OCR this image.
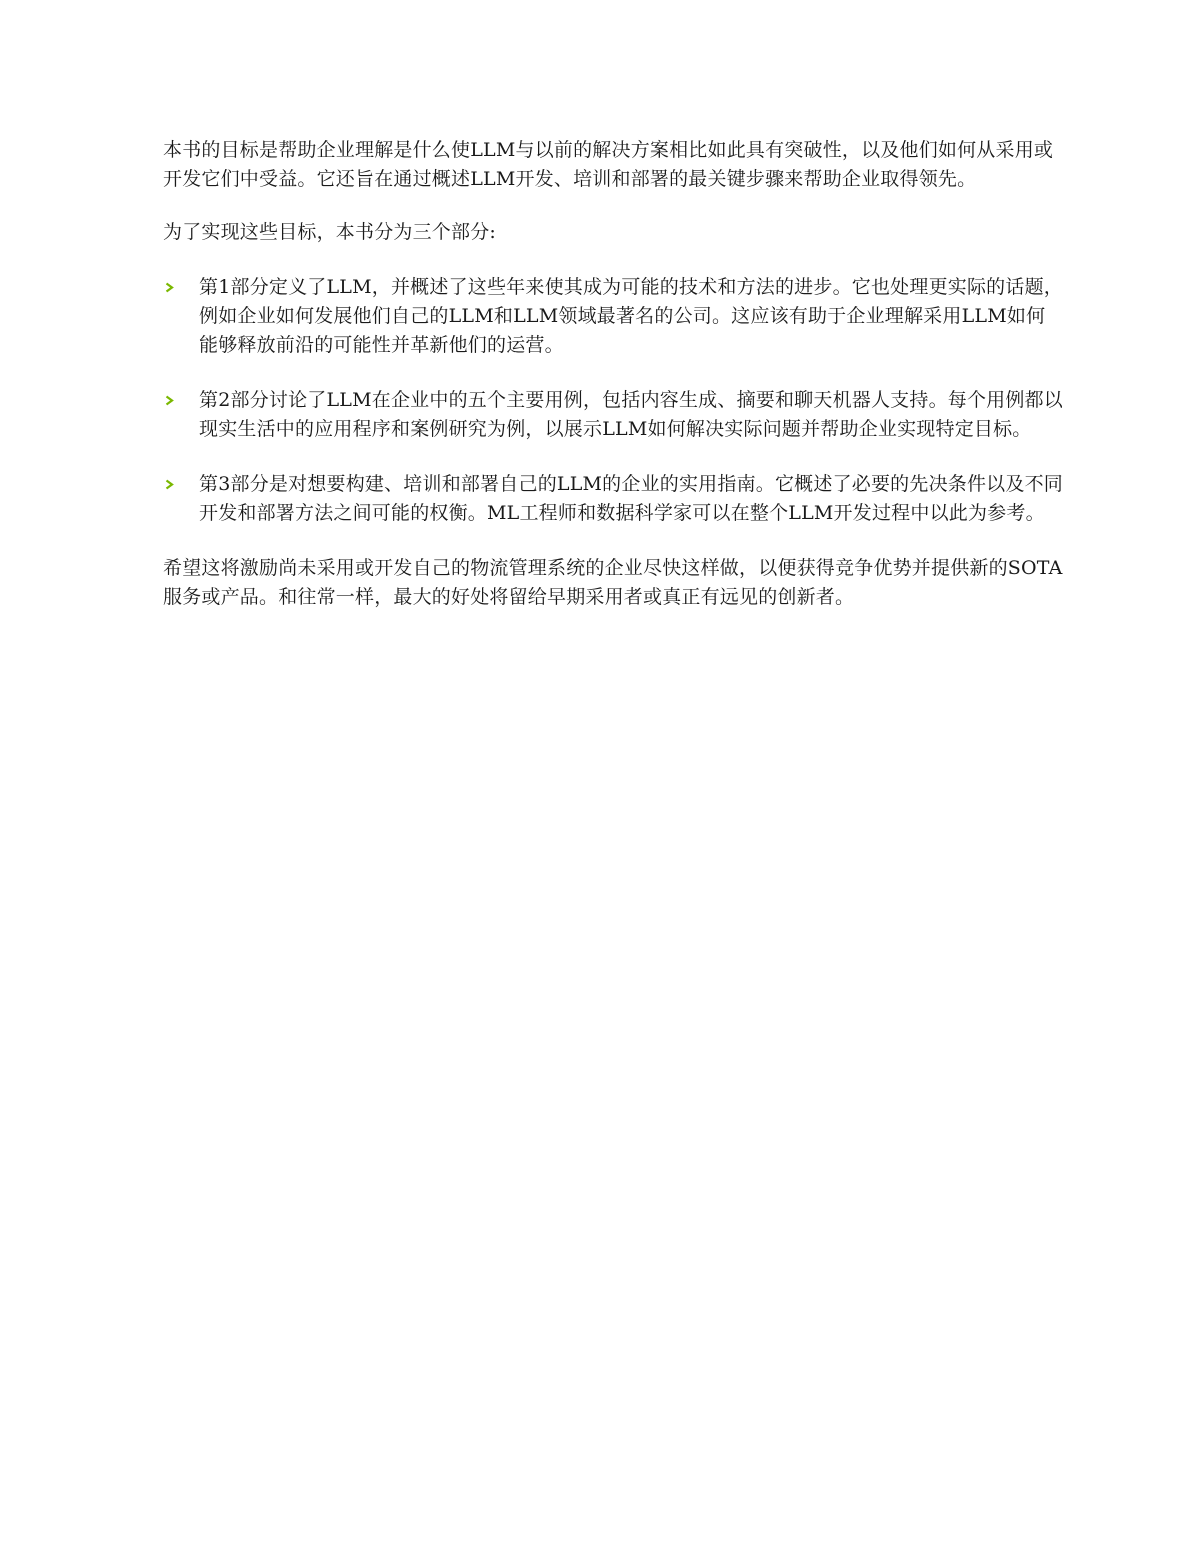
本书的目标是帮助企业理解是什么使LLM与以前的解决方案相比如此具有突破性，以及他们如何从采用或开发它们中受益。它还旨在通过概述LLM开发、培训和部署的最关键步骤来帮助企业取得领先。

为了实现这些目标，本书分为三个部分:

第1部分定义了LLM，并概述了这些年来使其成为可能的技术和方法的进步。它也处理更实际的话题，例如企业如何发展他们自己的LLM和LLM领域最著名的公司。这应该有助于企业理解采用LLM如何能够释放前沿的可能性并革新他们的运营。

第2部分讨论了LLM在企业中的五个主要用例，包括内容生成、摘要和聊天机器人支持。每个用例都以现实生活中的应用程序和案例研究为例，以展示LLM如何解决实际问题并帮助企业实现特定目标。

第3部分是对想要构建、培训和部署自己的LLM的企业的实用指南。它概述了必要的先决条件以及不同开发和部署方法之间可能的权衡。ML工程师和数据科学家可以在整个LLM开发过程中以此为参考。

希望这将激励尚未采用或开发自己的物流管理系统的企业尽快这样做，以便获得竞争优势并提供新的SOTA服务或产品。和往常一样，最大的好处将留给早期采用者或真正有远见的创新者。
